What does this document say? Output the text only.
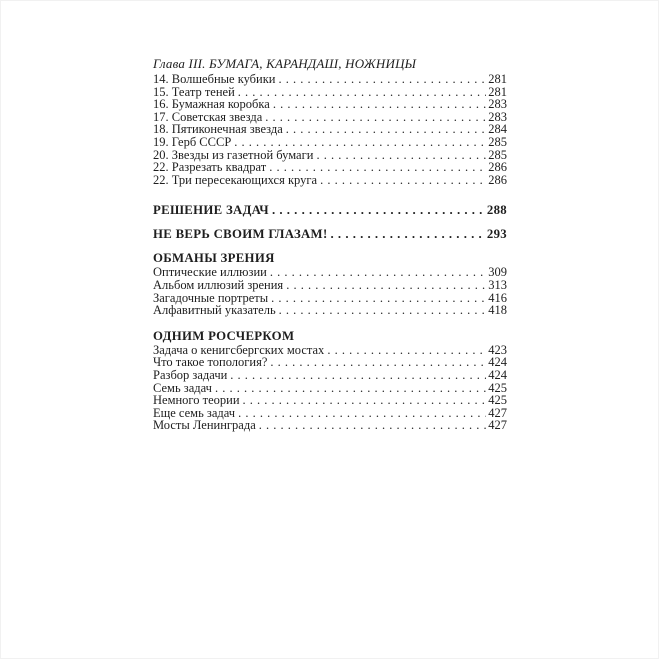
Глава III. БУМАГА, КАРАНДАШ, НОЖНИЦЫ
14. Волшебные кубики . . .	281
15. Театр теней . . .	281
16. Бумажная коробка . . .	283
17. Советская звезда . . .	283
18. Пятиконечная звезда . . .	284
19. Герб СССР . . .	285
20. Звезды из газетной бумаги . . .	285
22. Разрезать квадрат . . .	286
22. Три пересекающихся круга . . .	286
РЕШЕНИЕ ЗАДАЧ . . .	288
НЕ ВЕРЬ СВОИМ ГЛАЗАМ! . . .	293
ОБМАНЫ ЗРЕНИЯ
Оптические иллюзии . . .	309
Альбом иллюзий зрения . . .	313
Загадочные портреты . . .	416
Алфавитный указатель . . .	418
ОДНИМ РОСЧЕРКОМ
Задача о кенигсбергских мостах . . .	423
Что такое топология? . . .	424
Разбор задачи . . .	424
Семь задач . . .	425
Немного теории . . .	425
Еще семь задач . . .	427
Мосты Ленинграда . . .	427
